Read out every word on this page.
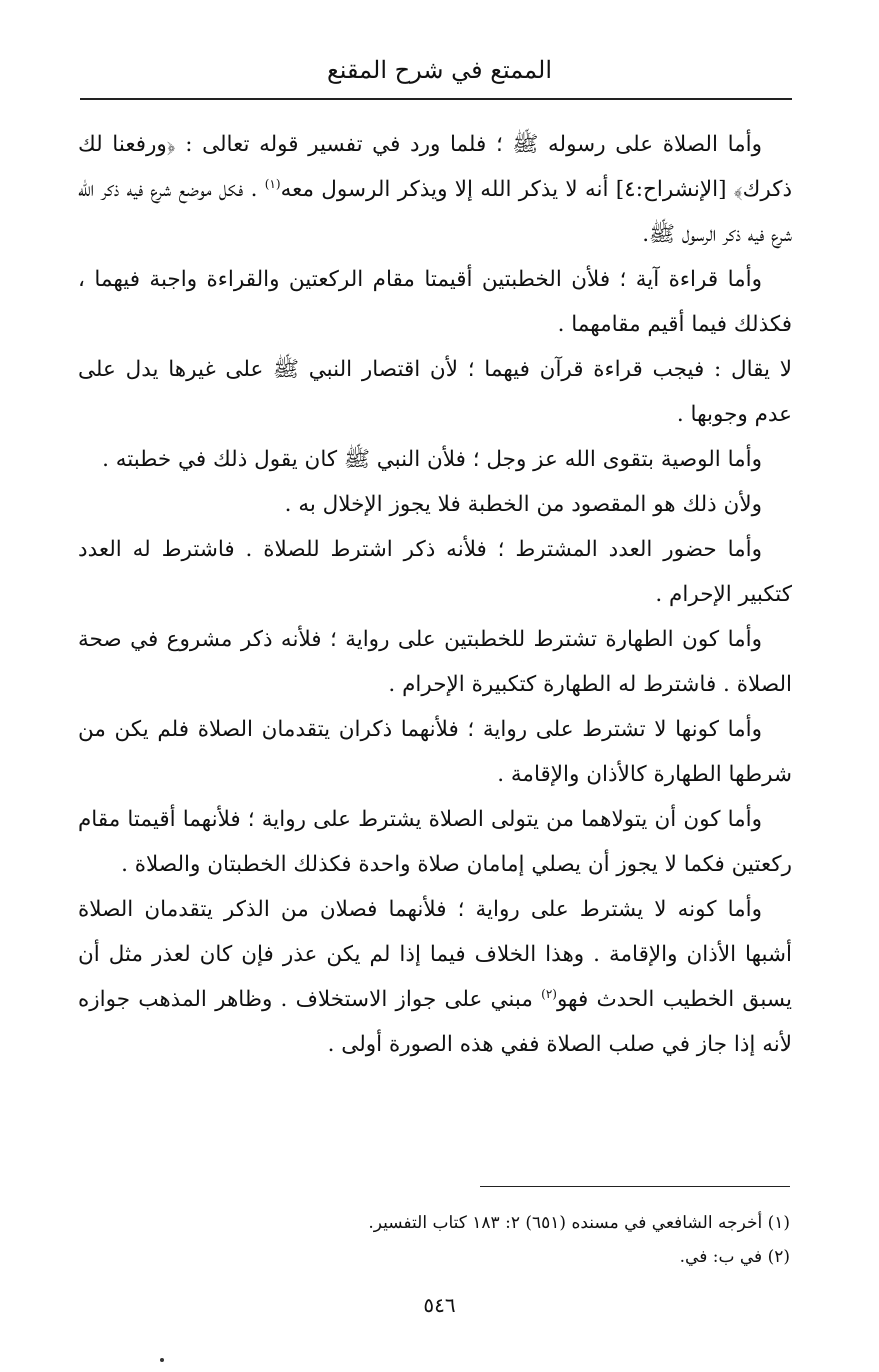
الممتع في شرح المقنع

وأما الصلاة على رسوله ﷺ ؛ فلما ورد في تفسير قوله تعالى : ﴿ورفعنا لك ذكرك﴾ [الإنشراح:٤] أنه لا يذكر الله إلا ويذكر الرسول معه$^{(١)}$ . فكل موضع شرع فيه ذكر الله شرع فيه ذكر الرسول ﷺ.

وأما قراءة آية ؛ فلأن الخطبتين أقيمتا مقام الركعتين والقراءة واجبة فيهما ، فكذلك فيما أقيم مقامهما .

لا يقال : فيجب قراءة قرآن فيهما ؛ لأن اقتصار النبي ﷺ على غيرها يدل على عدم وجوبها .

وأما الوصية بتقوى الله عز وجل ؛ فلأن النبي ﷺ كان يقول ذلك في خطبته .

ولأن ذلك هو المقصود من الخطبة فلا يجوز الإخلال به .

وأما حضور العدد المشترط ؛ فلأنه ذكر اشترط للصلاة . فاشترط له العدد كتكبير الإحرام .

وأما كون الطهارة تشترط للخطبتين على رواية ؛ فلأنه ذكر مشروع في صحة الصلاة . فاشترط له الطهارة كتكبيرة الإحرام .

وأما كونها لا تشترط على رواية ؛ فلأنهما ذكران يتقدمان الصلاة فلم يكن من شرطها الطهارة كالأذان والإقامة .

وأما كون أن يتولاهما من يتولى الصلاة يشترط على رواية ؛ فلأنهما أقيمتا مقام ركعتين فكما لا يجوز أن يصلي إمامان صلاة واحدة فكذلك الخطبتان والصلاة .

وأما كونه لا يشترط على رواية ؛ فلأنهما فصلان من الذكر يتقدمان الصلاة أشبها الأذان والإقامة . وهذا الخلاف فيما إذا لم يكن عذر فإن كان لعذر مثل أن يسبق الخطيب الحدث فهو$^{(٢)}$ مبني على جواز الاستخلاف . وظاهر المذهب جوازه لأنه إذا جاز في صلب الصلاة ففي هذه الصورة أولى .

(١) أخرجه الشافعي في مسنده (٦٥١) ٢: ١٨٣ كتاب التفسير.

(٢) في ب: في.

٥٤٦
